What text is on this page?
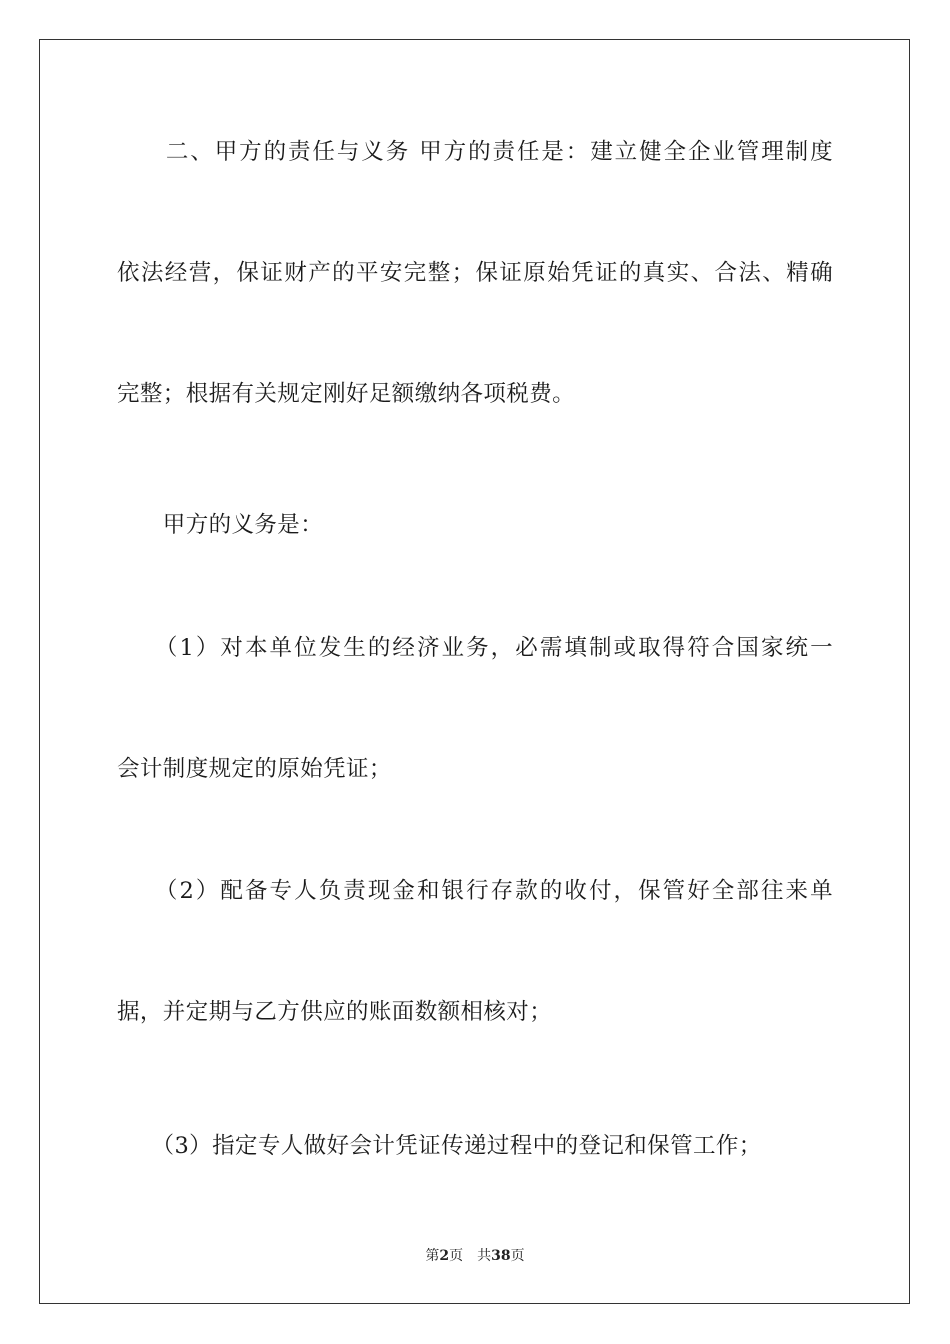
　　二、甲方的责任与义务 甲方的责任是：建立健全企业管理制度
依法经营，保证财产的平安完整；保证原始凭证的真实、合法、精确
完整；根据有关规定刚好足额缴纳各项税费。
　　甲方的义务是：
　　（1）对本单位发生的经济业务，必需填制或取得符合国家统一
会计制度规定的原始凭证；
　　（2）配备专人负责现金和银行存款的收付，保管好全部往来单
据，并定期与乙方供应的账面数额相核对；
　　（3）指定专人做好会计凭证传递过程中的登记和保管工作；
第2页 共38页
